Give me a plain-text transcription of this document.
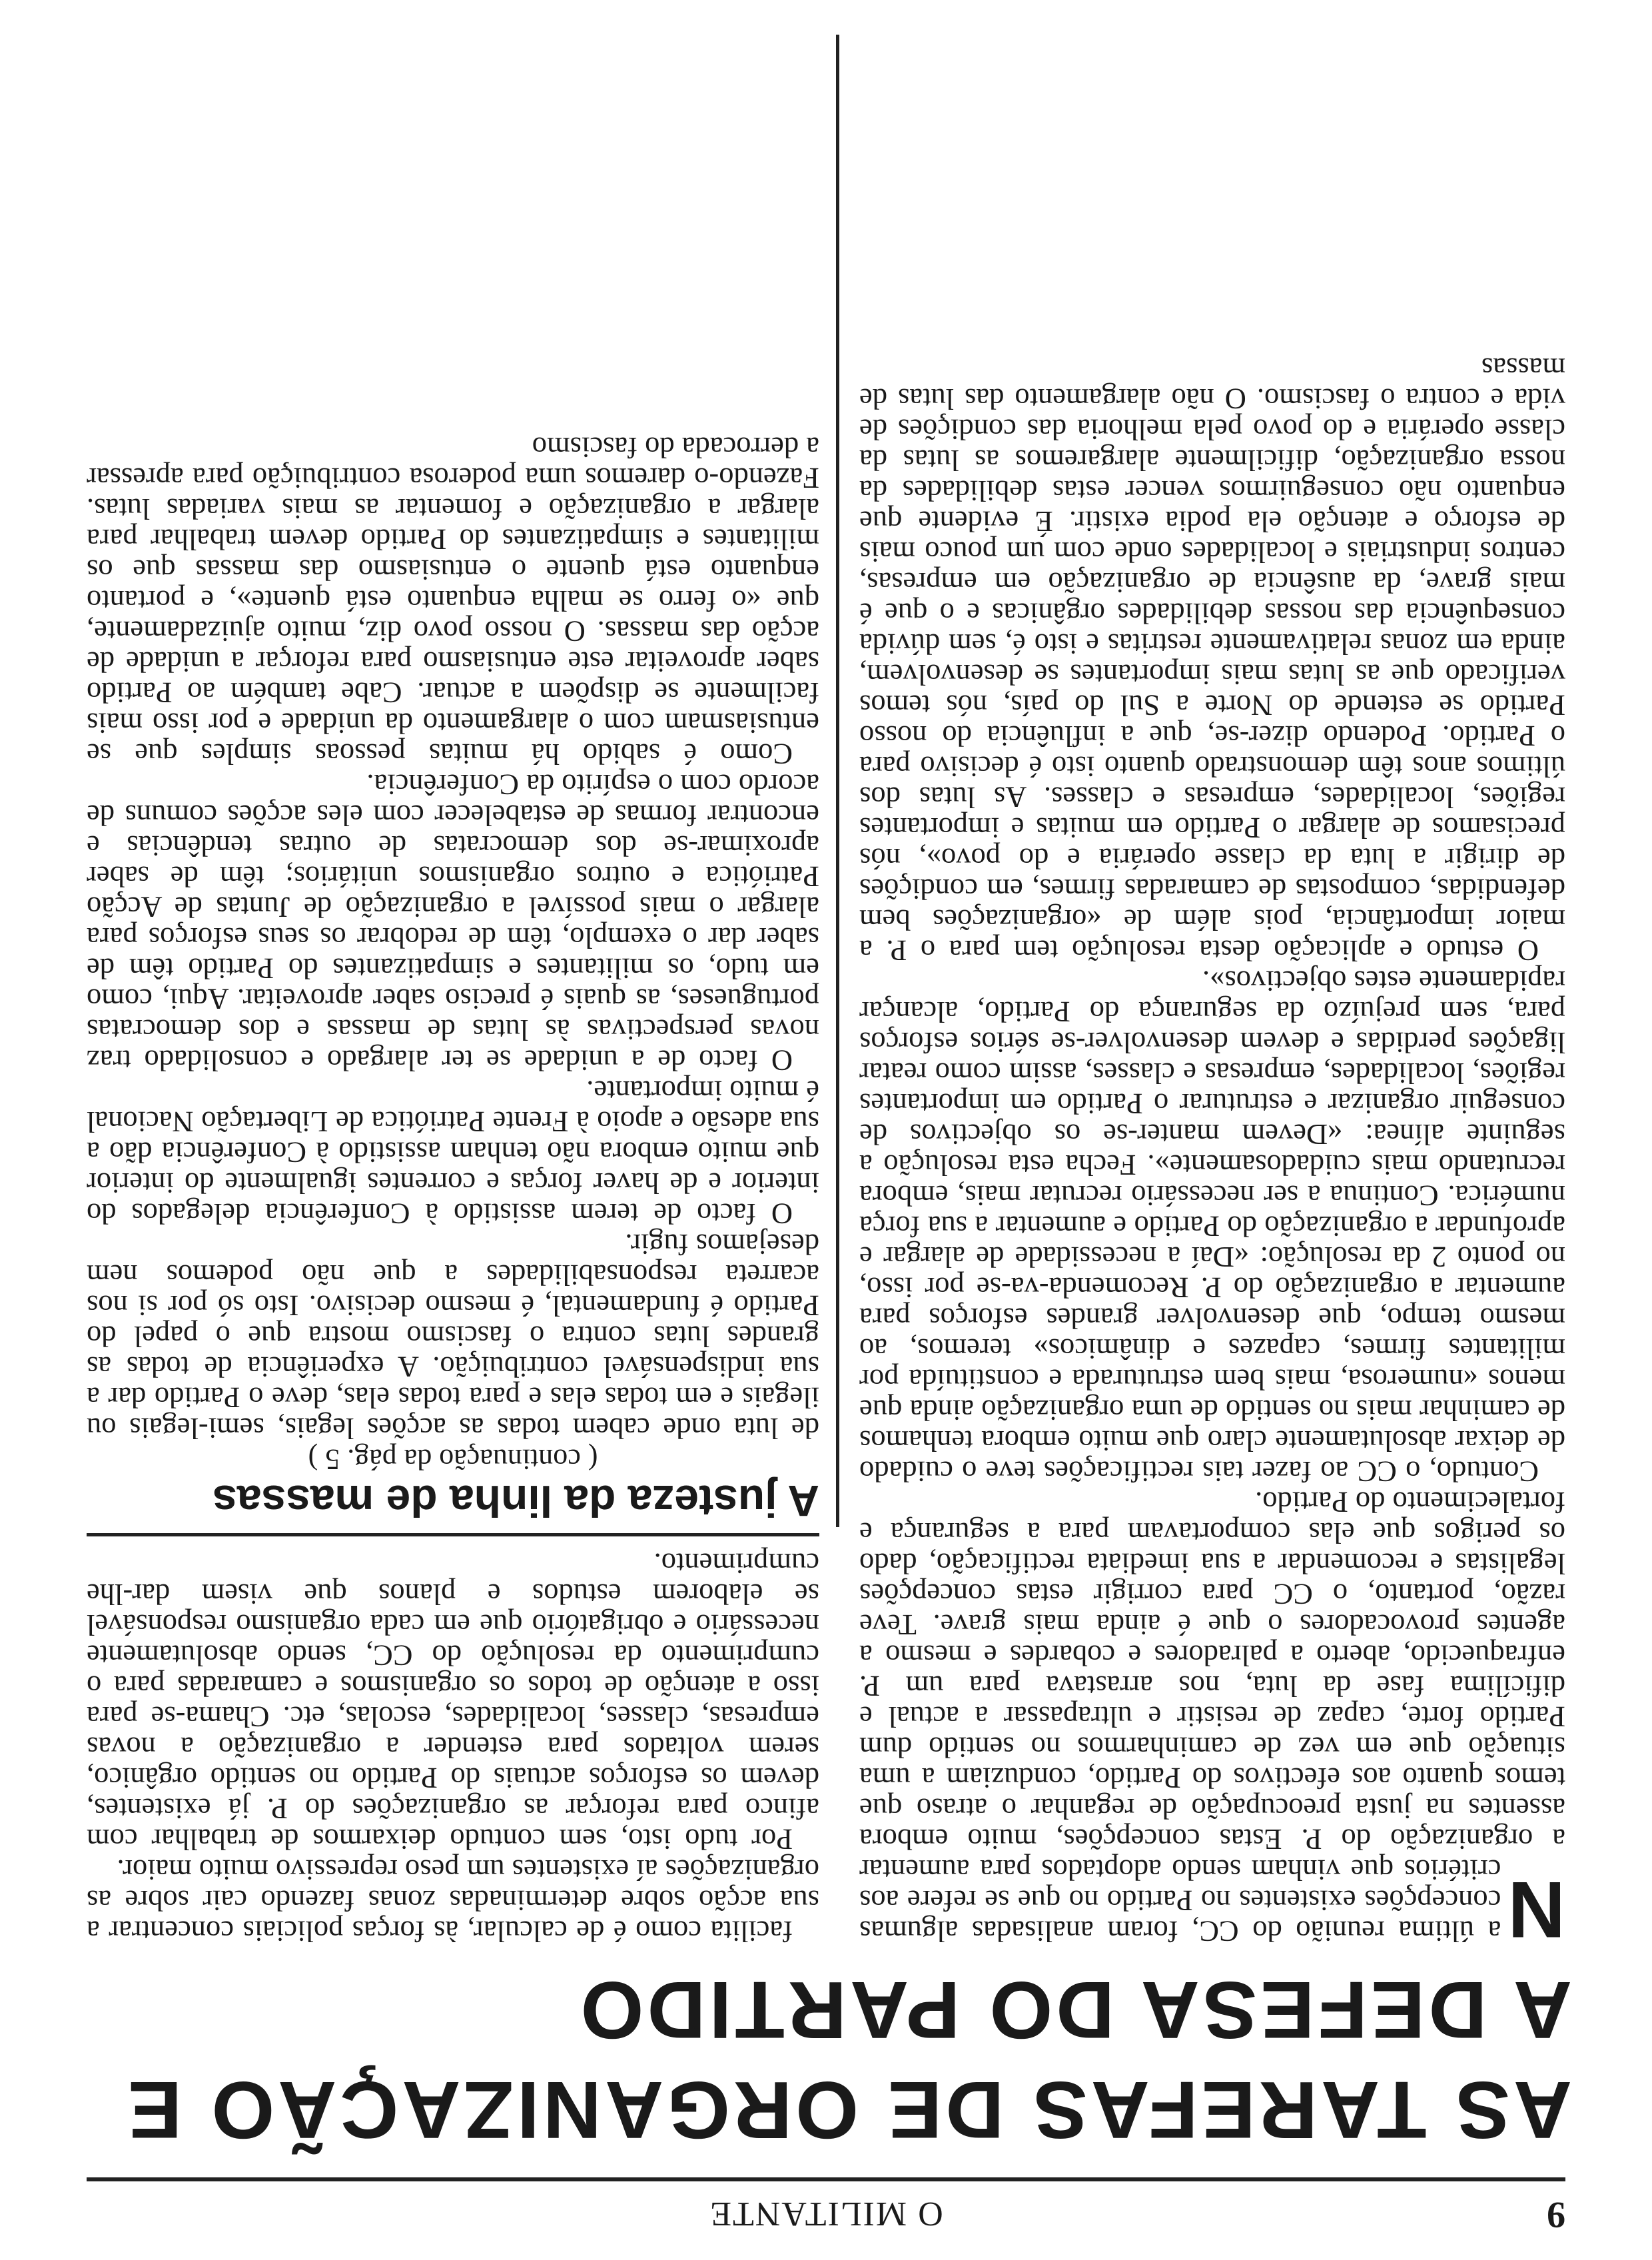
9
O MILITANTE
AS TAREFAS DE ORGANIZAÇÃO E A DEFESA DO PARTIDO
N

a última reunião do CC, foram analisadas algumas concepções existentes no Partido no que se refere aos critérios que vinham sendo adoptados para aumentar a organização do P. Estas concepções, muito embora assentes na justa preocupação de reganhar o atraso que temos quanto aos efectivos do Partido, conduziam a uma situação que em vez de caminharmos no sentido dum Partido forte, capaz de resistir e ultrapassar a actual e dificílima fase da luta, nos arrastava para um P. enfraquecido, aberto a palradores e cobardes e mesmo a agentes provocadores o que é ainda mais grave. Teve razão, portanto, o CC para corrigir estas concepções legalistas e recomendar a sua imediata rectificação, dado os perigos que elas comportavam para a segurança e fortalecimento do Partido.

Contudo, o CC ao fazer tais rectificações teve o cuidado de deixar absolutamente claro que muito embora tenhamos de caminhar mais no sentido de uma organização ainda que menos «numerosa, mais bem estruturada e constituída por militantes firmes, capazes e dinâmicos» teremos, ao mesmo tempo, que desenvolver grandes esforços para aumentar a organização do P. Recomenda-va-se por isso, no ponto 2 da resolução: «Daí a necessidade de alargar e aprofundar a organização do Partido e aumentar a sua força numérica. Continua a ser necessário recrutar mais, embora recrutando mais cuidadosamente». Fecha esta resolução a seguinte alínea: «Devem manter-se os objectivos de conseguir organizar e estruturar o Partido em importantes regiões, localidades, empresas e classes, assim como reatar ligações perdidas e devem desenvolver-se sérios esforços para, sem prejuízo da segurança do Partido, alcançar rapidamente estes objectivos».

O estudo e aplicação desta resolução tem para o P. a maior importância, pois além de «organizações bem defendidas, compostas de camaradas firmes, em condições de dirigir a luta da classe operária e do povo», nós precisamos de alargar o Partido em muitas e importantes regiões, localidades, empresas e classes. As lutas dos últimos anos têm demonstrado quanto isto é decisivo para o Partido. Podendo dizer-se, que a influência do nosso Partido se estende do Norte a Sul do país, nós temos verificado que as lutas mais importantes se desenvolvem, ainda em zonas relativamente restritas e isto é, sem dúvida consequência das nossas debilidades orgânicas e o que é mais grave, da ausência de organização em empresas, centros industriais e localidades onde com um pouco mais de esforço e atenção ela podia existir. É evidente que enquanto não conseguirmos vencer estas debilidades da nossa organização, dificilmente alargaremos as lutas da classe operária e do povo pela melhoria das condições de vida e contra o fascismo. O não alargamento das lutas de massas

facilita como é de calcular, às forças policiais concentrar a sua acção sobre determinadas zonas fazendo cair sobre as organizações aí existentes um peso repressivo muito maior.

Por tudo isto, sem contudo deixarmos de trabalhar com afinco para reforçar as organizações do P. já existentes, devem os esforços actuais do Partido no sentido orgânico, serem voltados para estender a organização a novas empresas, classes, localidades, escolas, etc. Chama-se para isso a atenção de todos os organismos e camaradas para o cumprimento da resolução do CC, sendo absolutamente necessário e obrigatório que em cada organismo responsável se elaborem estudos e planos que visem dar-lhe cumprimento.

A justeza da linha de massas

( continuação da pág. 5 )

de luta onde cabem todas as acções legais, semi-legais ou ilegais e em todas elas e para todas elas, deve o Partido dar a sua indispensável contribuição. A experiência de todas as grandes lutas contra o fascismo mostra que o papel do Partido é fundamental, é mesmo decisivo. Isto só por si nos acarreta responsabilidades a que não podemos nem desejamos fugir.

O facto de terem assistido à Conferência delegados do interior e de haver forças e correntes igualmente do interior que muito embora não tenham assistido à Conferência dão a sua adesão e apoio à Frente Patriótica de Libertação Nacional é muito importante.

O facto de a unidade se ter alargado e consolidado traz novas perspectivas às lutas de massas e dos democratas portugueses, as quais é preciso saber aproveitar. Aqui, como em tudo, os militantes e simpatizantes do Partido têm de saber dar o exemplo, têm de redobrar os seus esforços para alargar o mais possível a organização de Juntas de Acção Patriótica e outros organismos unitários; têm de saber aproximar-se dos democratas de outras tendências e encontrar formas de estabelecer com eles acções comuns de acordo com o espírito da Conferência.

Como é sabido há muitas pessoas simples que se entusiasmam com o alargamento da unidade e por isso mais facilmente se dispõem a actuar. Cabe também ao Partido saber aproveitar este entusiasmo para reforçar a unidade de acção das massas. O nosso povo diz, muito ajuizadamente, que «o ferro se malha enquanto está quente», e portanto enquanto está quente o entusiasmo das massas que os militantes e simpatizantes do Partido devem trabalhar para alargar a organização e fomentar as mais variadas lutas. Fazendo-o daremos uma poderosa contribuição para apressar a derrocada do fascismo
